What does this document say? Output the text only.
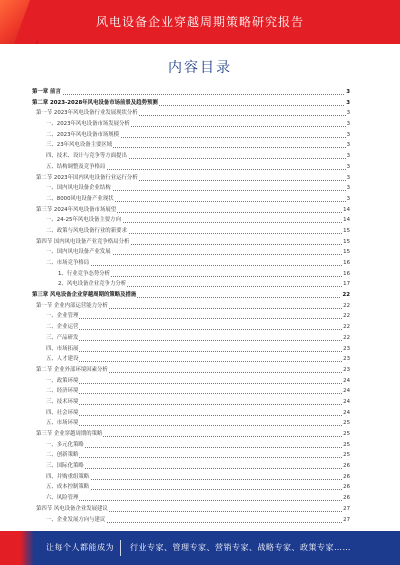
风电设备企业穿越周期策略研究报告
内容目录
第一章 前言	3
第二章 2023-2028年风电设备市场前景及趋势预测	3
第一节 2023年风电设备行业发展现状分析	3
一、2023年风电设备市场发展分析	3
二、2023年风电设备市场规模	3
三、23年风电设备主要区域	3
四、技术、设计与竞争等方面提出	3
五、结构调整及竞争格局	3
第二节 2023年国内风电设备行业运行分析	3
一、国内风电设备企业结构	3
二、8000风电设备产业现状	3
第三节 2024年风电设备市场展望	14
一、24-25年风电设备主要方向	14
二、政策与风电设备行业的新要求	15
第四节 国内风电设备产业竞争格局分析	15
一、国内风电设备产业发展	15
二、市场竞争格局	16
1、行业竞争态势分析	16
2、风电设备企业竞争力分析	17
第三章 风电设备企业穿越周期的策略及措施	22
第一节 企业内部运营能力分析	22
一、企业管理	22
二、企业运营	22
三、产品研发	22
四、市场拓展	23
五、人才建设	23
第二节 企业外部环境因素分析	23
一、政策环境	24
二、经济环境	24
三、技术环境	24
四、社会环境	24
五、市场环境	25
第三节 企业穿越周期的策略	25
一、多元化策略	25
二、创新策略	25
三、国际化策略	26
四、并购重组策略	26
五、成本控制策略	26
六、风险管理	26
第四节 风电设备企业发展建议	27
一、企业发展方向与建议	27
让每个人都能成为 行业专家、管理专家、营销专家、战略专家、政策专家……
